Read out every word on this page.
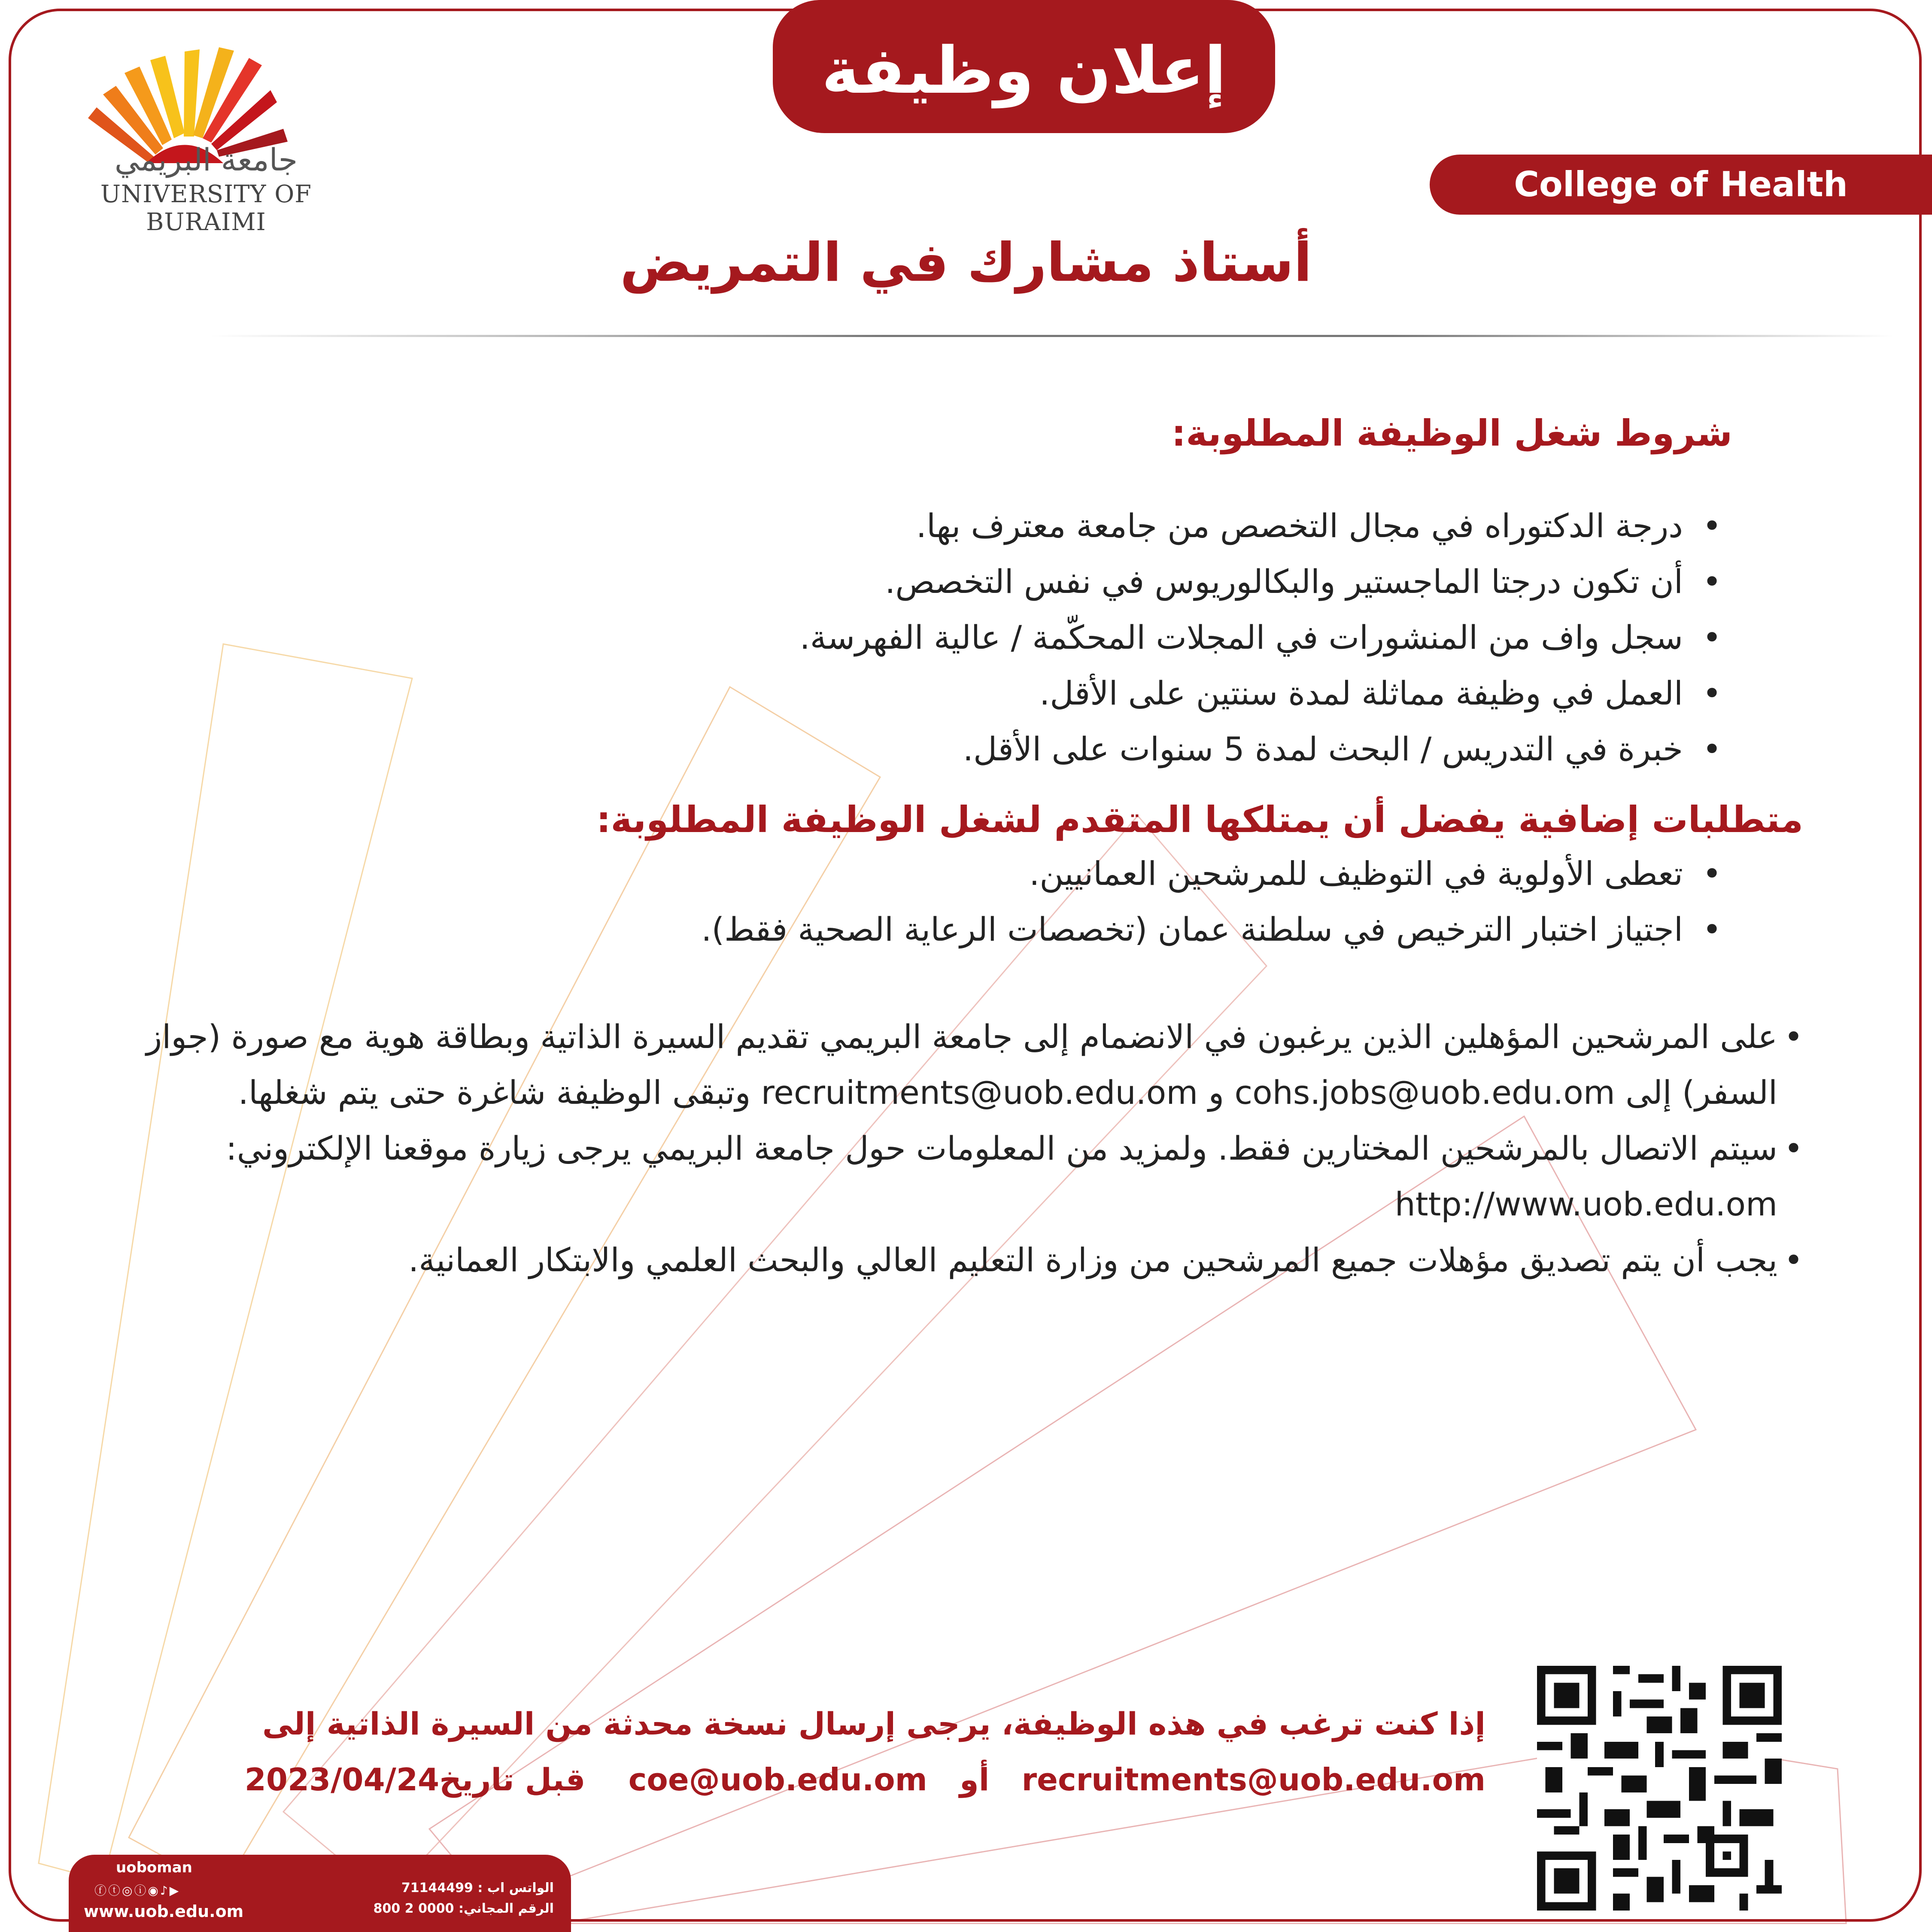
جامعة البريمي
UNIVERSITY OF BURAIMI
إعلان وظيفة
College of Health sciences
أستاذ مشارك في التمريض

شروط شغل الوظيفة المطلوبة:

• درجة الدكتوراه في مجال التخصص من جامعة معترف بها.
• أن تكون درجتا الماجستير والبكالوريوس في نفس التخصص.
• سجل واف من المنشورات في المجلات المحكّمة / عالية الفهرسة.
• العمل في وظيفة مماثلة لمدة سنتين على الأقل.
• خبرة في التدريس / البحث لمدة 5 سنوات على الأقل.

متطلبات إضافية يفضل أن يمتلكها المتقدم لشغل الوظيفة المطلوبة:

• تعطى الأولوية في التوظيف للمرشحين العمانيين.
• اجتياز اختبار الترخيص في سلطنة عمان (تخصصات الرعاية الصحية فقط).
• على المرشحين المؤهلين الذين يرغبون في الانضمام إلى جامعة البريمي تقديم السيرة الذاتية وبطاقة هوية مع صورة (جواز السفر) إلى cohs.jobs@uob.edu.om و recruitments@uob.edu.om وتبقى الوظيفة شاغرة حتى يتم شغلها.
• سيتم الاتصال بالمرشحين المختارين فقط. ولمزيد من المعلومات حول جامعة البريمي يرجى زيارة موقعنا الإلكتروني:
http://www.uob.edu.om
• يجب أن يتم تصديق مؤهلات جميع المرشحين من وزارة التعليم العالي والبحث العلمي والابتكار العمانية.
إذا كنت ترغب في هذه الوظيفة، يرجى إرسال نسخة محدثة من السيرة الذاتية إلى
recruitments@uob.edu.om   أو   coe@uob.edu.om    قبل تاريخ2023/04/24
uoboman
ⓕⓣ◎ⓘ◉♪▶
www.uob.edu.om
الواتس اب : 71144499
الرقم المجاني: 0000 2 800
